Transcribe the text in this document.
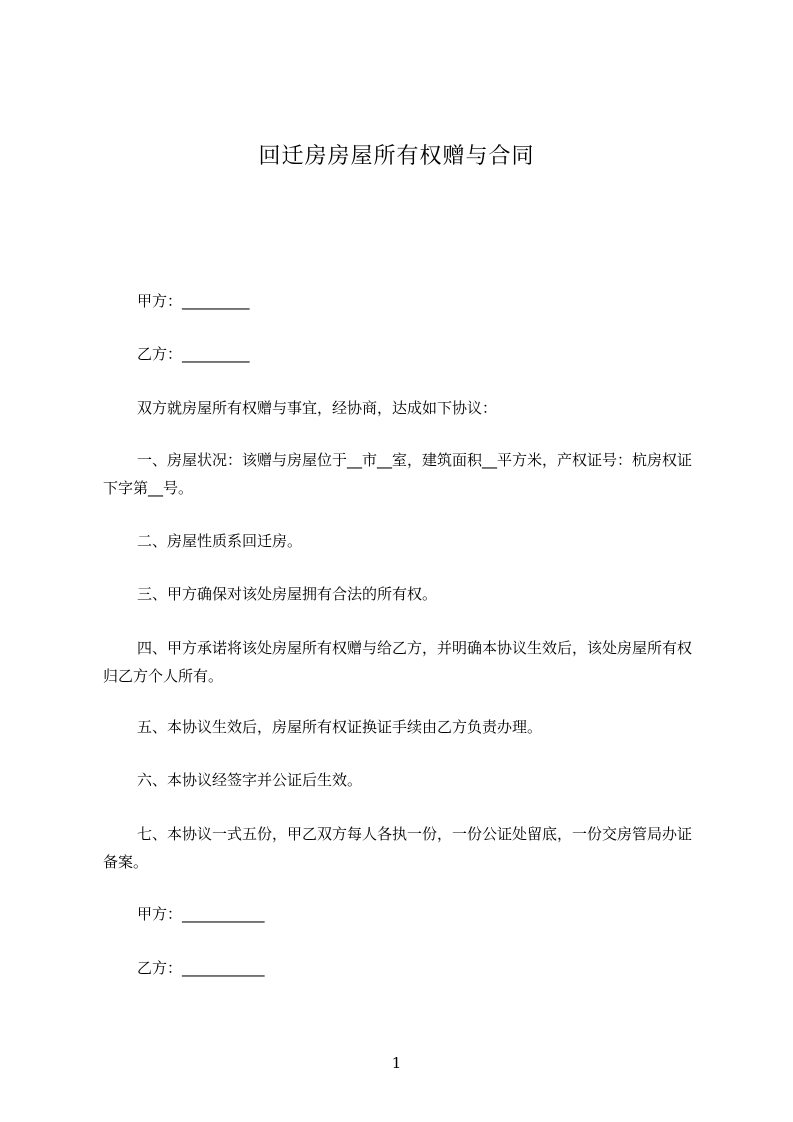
回迁房房屋所有权赠与合同

甲方：_________

乙方：_________

双方就房屋所有权赠与事宜，经协商，达成如下协议：

一、房屋状况：该赠与房屋位于__市__室，建筑面积__平方米，产权证号：杭房权证下字第__号。

二、房屋性质系回迁房。

三、甲方确保对该处房屋拥有合法的所有权。

四、甲方承诺将该处房屋所有权赠与给乙方，并明确本协议生效后，该处房屋所有权归乙方个人所有。

五、本协议生效后，房屋所有权证换证手续由乙方负责办理。

六、本协议经签字并公证后生效。

七、本协议一式五份，甲乙双方每人各执一份，一份公证处留底，一份交房管局办证备案。

甲方：___________

乙方：___________

1
